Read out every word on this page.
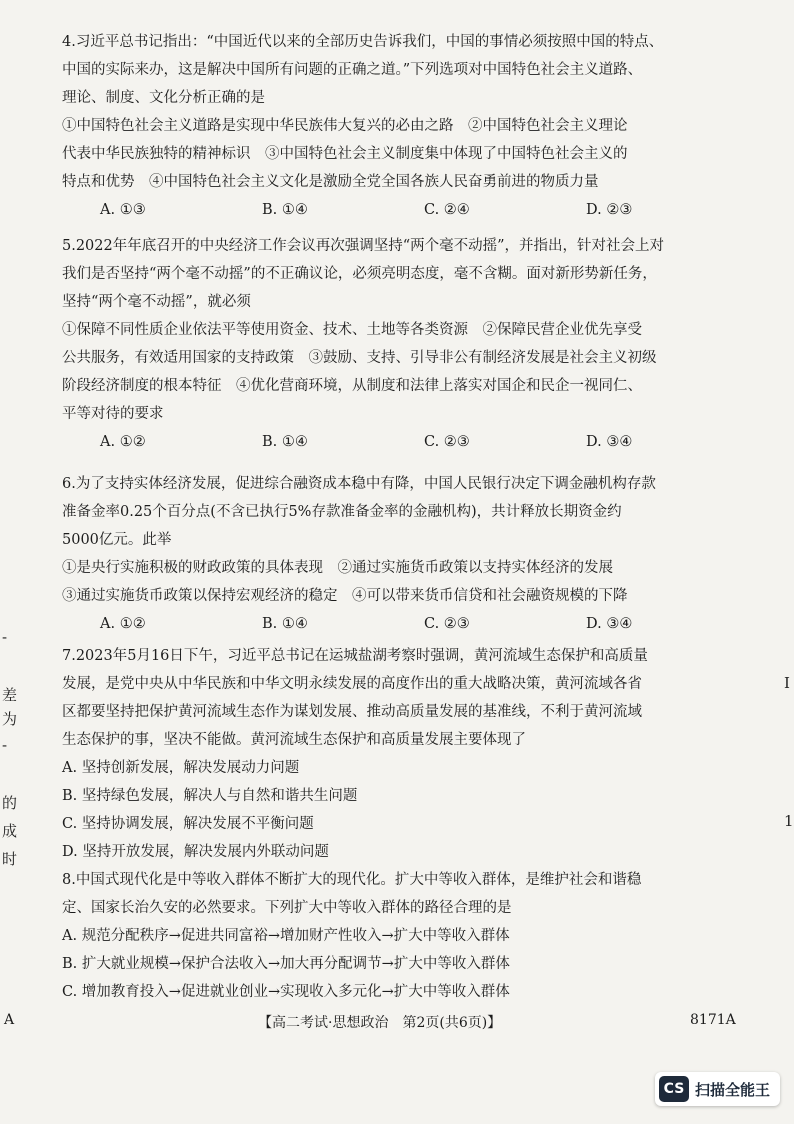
4.习近平总书记指出：“中国近代以来的全部历史告诉我们，中国的事情必须按照中国的特点、

中国的实际来办，这是解决中国所有问题的正确之道。”下列选项对中国特色社会主义道路、

理论、制度、文化分析正确的是

①中国特色社会主义道路是实现中华民族伟大复兴的必由之路　②中国特色社会主义理论

代表中华民族独特的精神标识　③中国特色社会主义制度集中体现了中国特色社会主义的

特点和优势　④中国特色社会主义文化是激励全党全国各族人民奋勇前进的物质力量

A. ①③	B. ①④	C. ②④	D. ②③

5.2022年年底召开的中央经济工作会议再次强调坚持“两个毫不动摇”，并指出，针对社会上对

我们是否坚持“两个毫不动摇”的不正确议论，必须亮明态度，毫不含糊。面对新形势新任务，

坚持“两个毫不动摇”，就必须

①保障不同性质企业依法平等使用资金、技术、土地等各类资源　②保障民营企业优先享受

公共服务，有效适用国家的支持政策　③鼓励、支持、引导非公有制经济发展是社会主义初级

阶段经济制度的根本特征　④优化营商环境，从制度和法律上落实对国企和民企一视同仁、

平等对待的要求

A. ①②	B. ①④	C. ②③	D. ③④

6.为了支持实体经济发展，促进综合融资成本稳中有降，中国人民银行决定下调金融机构存款

准备金率0.25个百分点(不含已执行5%存款准备金率的金融机构)，共计释放长期资金约

5000亿元。此举

①是央行实施积极的财政政策的具体表现　②通过实施货币政策以支持实体经济的发展

③通过实施货币政策以保持宏观经济的稳定　④可以带来货币信贷和社会融资规模的下降

A. ①②	B. ①④	C. ②③	D. ③④

7.2023年5月16日下午，习近平总书记在运城盐湖考察时强调，黄河流域生态保护和高质量

发展，是党中央从中华民族和中华文明永续发展的高度作出的重大战略决策，黄河流域各省

区都要坚持把保护黄河流域生态作为谋划发展、推动高质量发展的基准线，不利于黄河流域

生态保护的事，坚决不能做。黄河流域生态保护和高质量发展主要体现了

A. 坚持创新发展，解决发展动力问题

B. 坚持绿色发展，解决人与自然和谐共生问题

C. 坚持协调发展，解决发展不平衡问题

D. 坚持开放发展，解决发展内外联动问题

8.中国式现代化是中等收入群体不断扩大的现代化。扩大中等收入群体，是维护社会和谐稳

定、国家长治久安的必然要求。下列扩大中等收入群体的路径合理的是

A. 规范分配秩序→促进共同富裕→增加财产性收入→扩大中等收入群体

B. 扩大就业规模→保护合法收入→加大再分配调节→扩大中等收入群体

C. 增加教育投入→促进就业创业→实现收入多元化→扩大中等收入群体

-
差
为
-
的
成
时
I
1
A	【高二考试·思想政治　第2页(共6页)】	8171A
CS 扫描全能王
